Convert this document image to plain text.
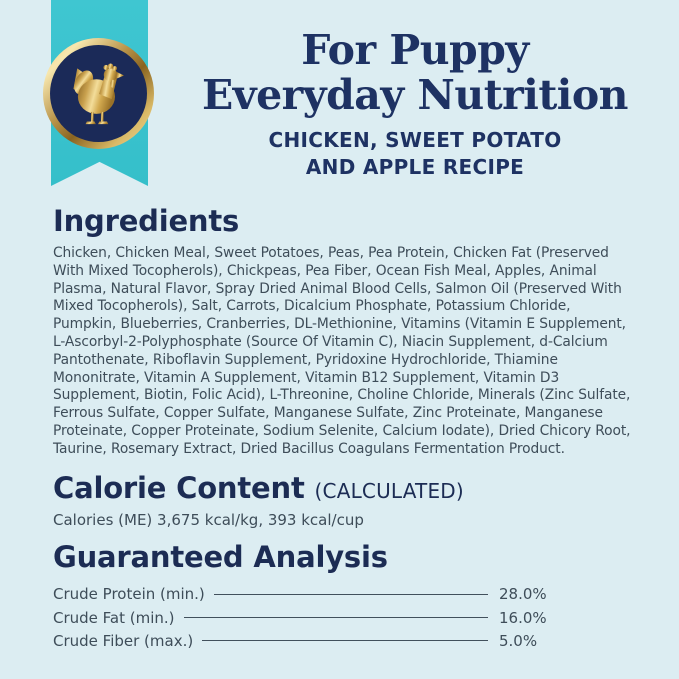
For Puppy
Everyday Nutrition
CHICKEN, SWEET POTATO
AND APPLE RECIPE
Ingredients

Chicken, Chicken Meal, Sweet Potatoes, Peas, Pea Protein, Chicken Fat (Preserved With Mixed Tocopherols), Chickpeas, Pea Fiber, Ocean Fish Meal, Apples, Animal Plasma, Natural Flavor, Spray Dried Animal Blood Cells, Salmon Oil (Preserved With Mixed Tocopherols), Salt, Carrots, Dicalcium Phosphate, Potassium Chloride, Pumpkin, Blueberries, Cranberries, DL-Methionine, Vitamins (Vitamin E Supplement, L-Ascorbyl-2-Polyphosphate (Source Of Vitamin C), Niacin Supplement, d-Calcium Pantothenate, Riboflavin Supplement, Pyridoxine Hydrochloride, Thiamine Mononitrate, Vitamin A Supplement, Vitamin B12 Supplement, Vitamin D3 Supplement, Biotin, Folic Acid), L-Threonine, Choline Chloride, Minerals (Zinc Sulfate, Ferrous Sulfate, Copper Sulfate, Manganese Sulfate, Zinc Proteinate, Manganese Proteinate, Copper Proteinate, Sodium Selenite, Calcium Iodate), Dried Chicory Root, Taurine, Rosemary Extract, Dried Bacillus Coagulans Fermentation Product.

Calorie Content (CALCULATED)

Calories (ME) 3,675 kcal/kg, 393 kcal/cup

Guaranteed Analysis
Crude Protein (min.)	28.0%
Crude Fat (min.)	16.0%
Crude Fiber (max.)	5.0%
